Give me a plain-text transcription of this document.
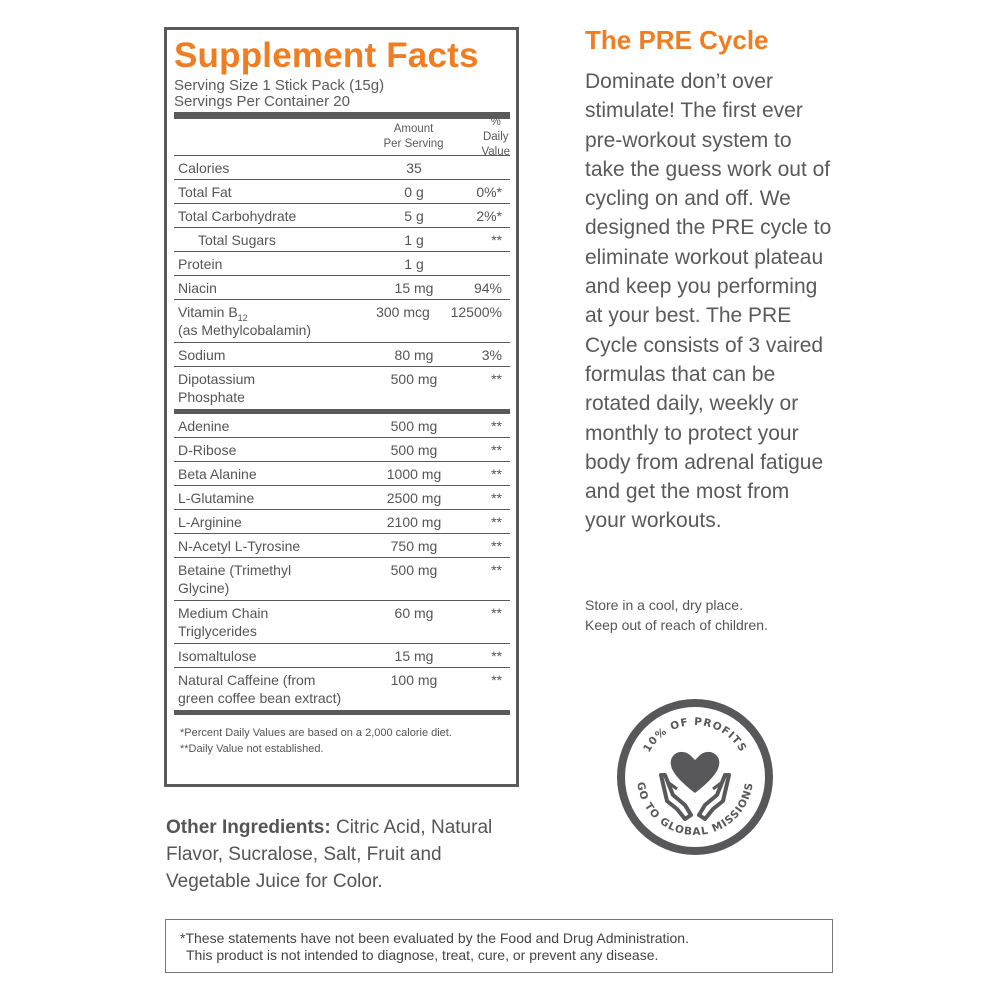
Supplement Facts
Serving Size 1 Stick Pack (15g)
Servings Per Container 20
Amount
Per Serving
% Daily
Value
Calories	35
Total Fat	0 g	0%*
Total Carbohydrate	5 g	2%*
Total Sugars	1 g	**
Protein	1 g
Niacin	15 mg	94%
Vitamin $B_{12}$
(as Methylcobalamin)
300 mcg	12500%
Sodium	80 mg	3%
Dipotassium
Phosphate
500 mg	**
Adenine	500 mg	**
D-Ribose	500 mg	**
Beta Alanine	1000 mg	**
L-Glutamine	2500 mg	**
L-Arginine	2100 mg	**
N-Acetyl L-Tyrosine	750 mg	**
Betaine (Trimethyl
Glycine)
500 mg	**
Medium Chain
Triglycerides
60 mg	**
Isomaltulose	15 mg	**
Natural Caffeine (from
green coffee bean extract)
100 mg	**
*Percent Daily Values are based on a 2,000 calorie diet.
**Daily Value not established.
Other Ingredients: Citric Acid, Natural Flavor, Sucralose, Salt, Fruit and Vegetable Juice for Color.
*These statements have not been evaluated by the Food and Drug Administration.
This product is not intended to diagnose, treat, cure, or prevent any disease.
The PRE Cycle
Dominate don’t over stimulate! The first ever pre-workout system to take the guess work out of cycling on and off. We designed the PRE cycle to eliminate workout plateau and keep you performing at your best. The PRE Cycle consists of 3 vaired formulas that can be rotated daily, weekly or monthly to protect your body from adrenal fatigue and get the most from your workouts.
Store in a cool, dry place.
Keep out of reach of children.
10% OF PROFITS
GO TO GLOBAL MISSIONS
